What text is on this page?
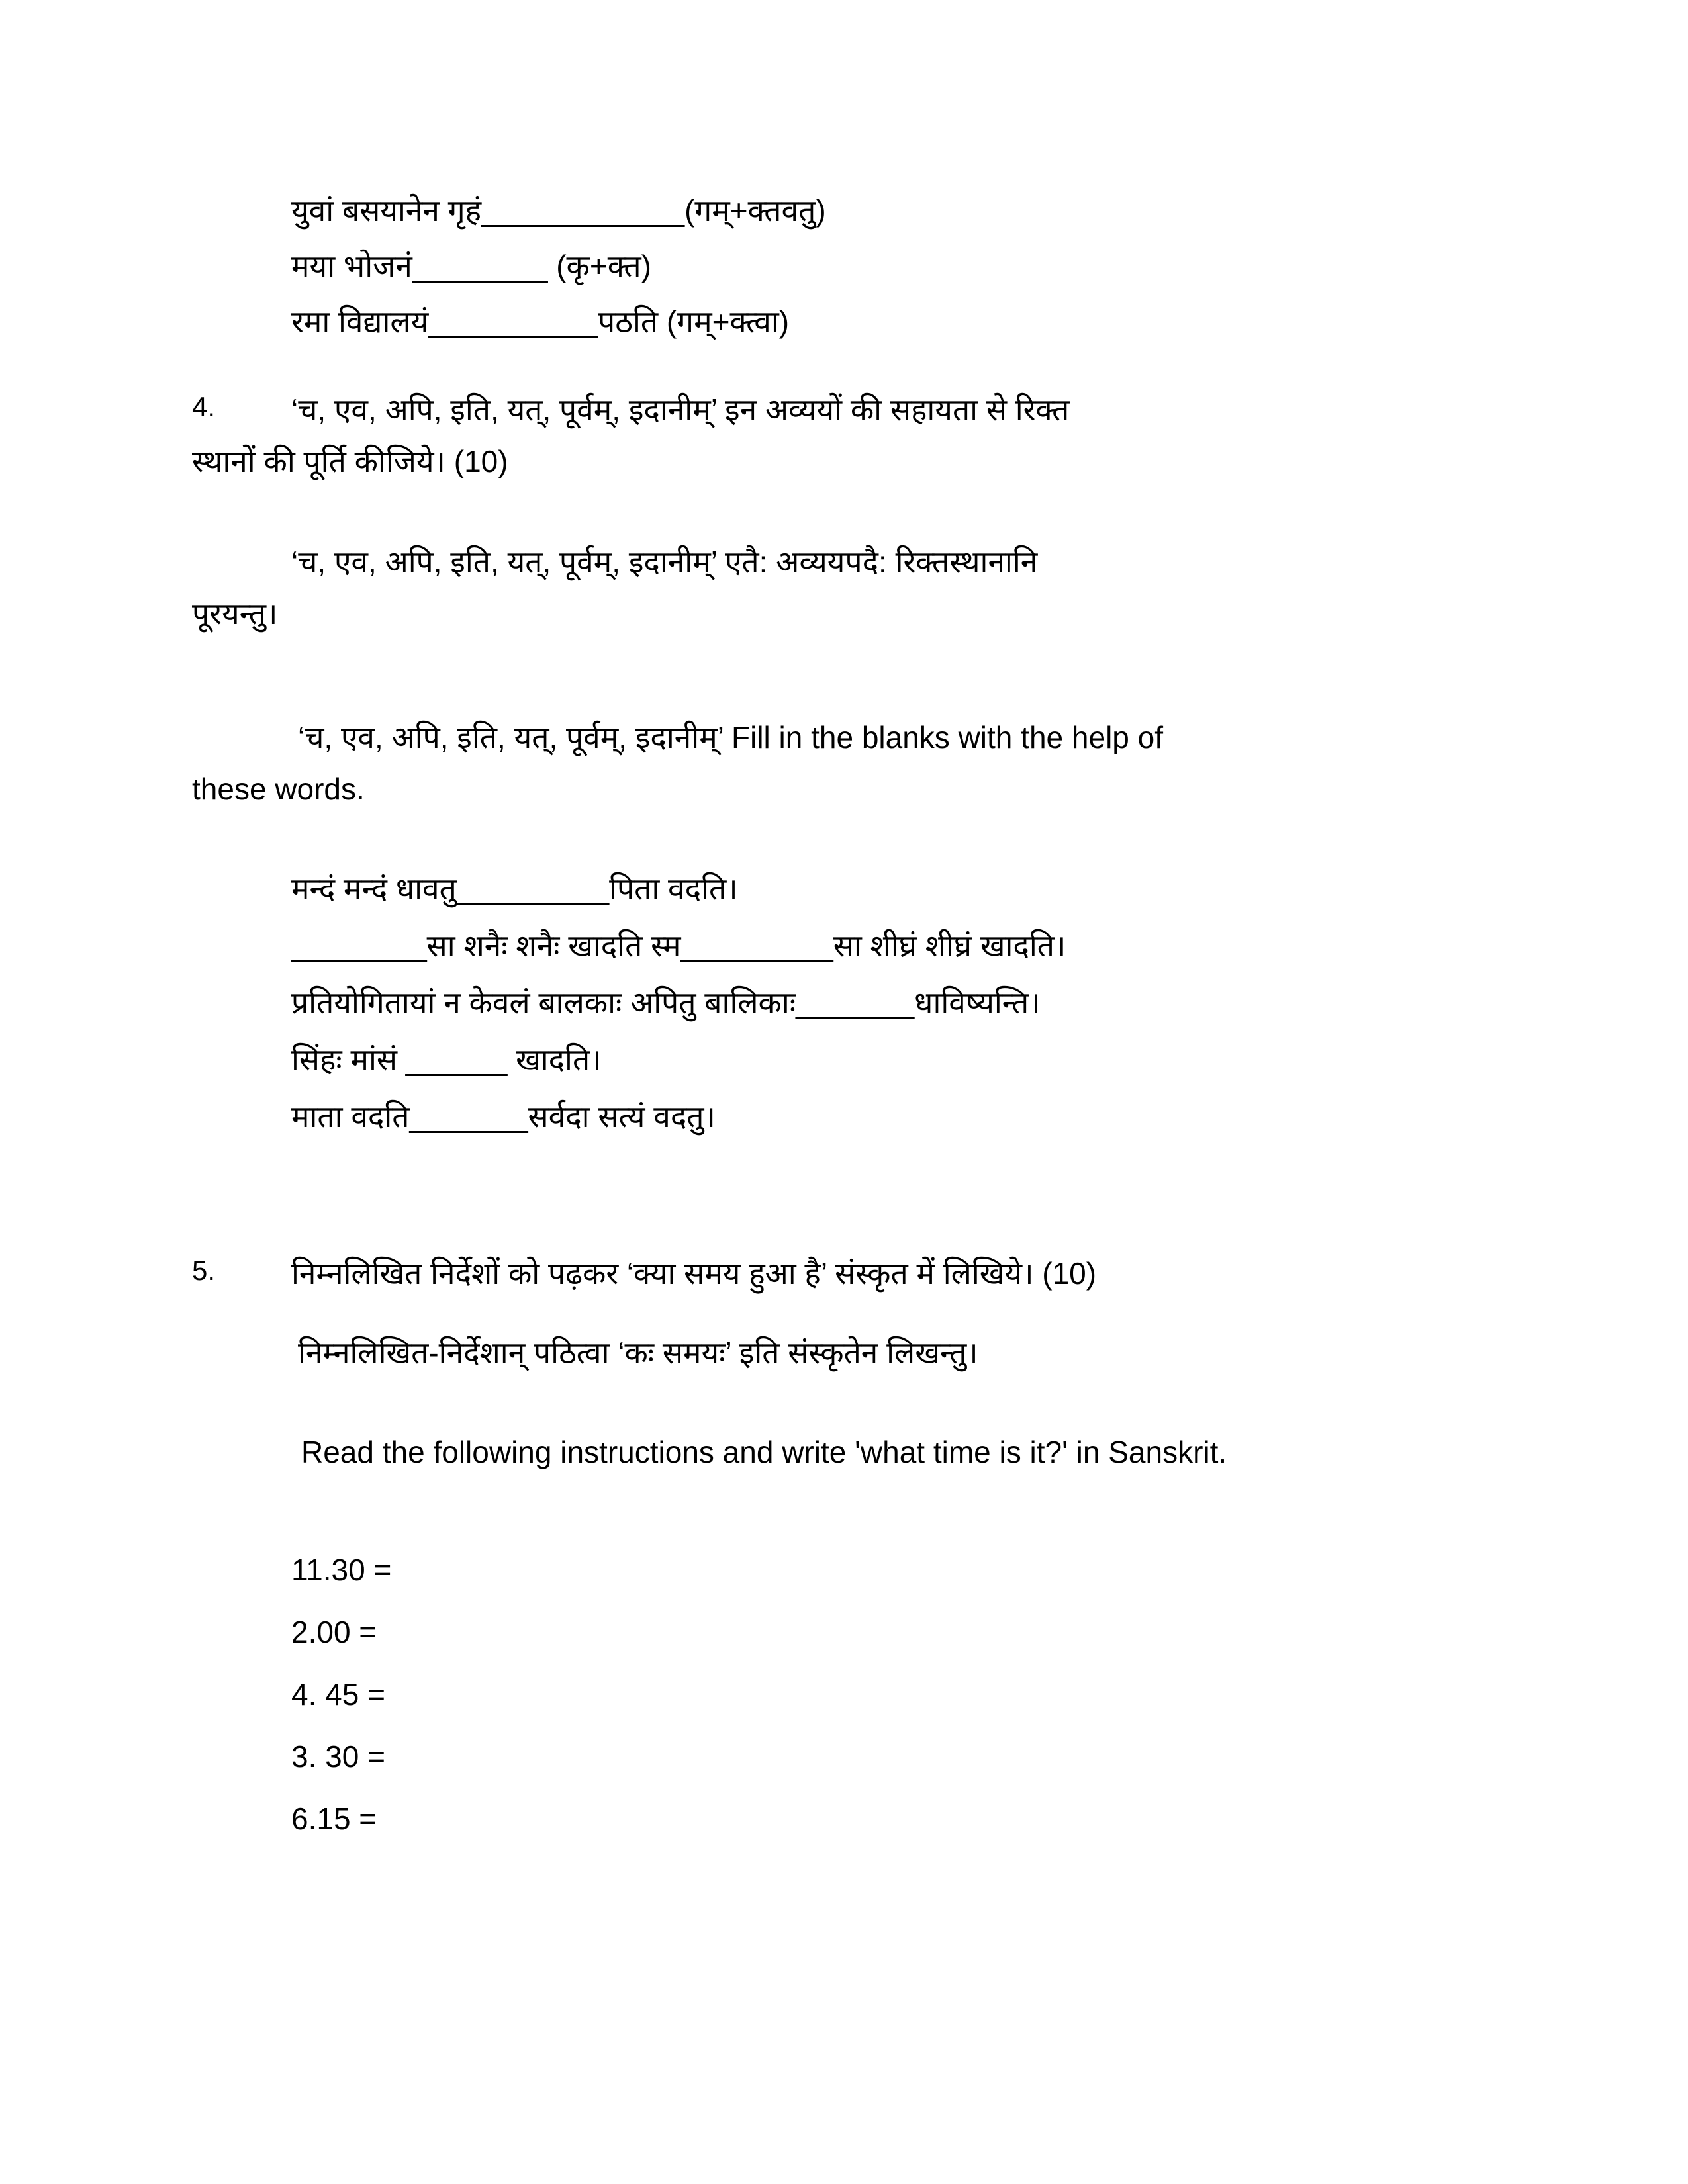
युवां बसयानेन गृहं____________(गम्+क्तवतु)
मया भोजनं________ (कृ+क्त)
रमा विद्यालयं__________पठति (गम्+क्त्वा)
4.	‘च, एव, अपि, इति, यत्, पूर्वम्, इदानीम्’ इन अव्ययों की सहायता से रिक्त
स्थानों की पूर्ति कीजिये। (10)
‘च, एव, अपि, इति, यत्, पूर्वम्, इदानीम्’ एतै: अव्ययपदै: रिक्तस्थानानि
पूरयन्तु।
‘च, एव, अपि, इति, यत्, पूर्वम्, इदानीम्’ Fill in the blanks with the help of
these words.
मन्दं मन्दं धावतु_________पिता वदति।
________सा शनैः शनैः खादति स्म_________सा शीघ्रं शीघ्रं खादति।
प्रतियोगितायां न केवलं बालकाः अपितु बालिकाः_______धाविष्यन्ति।
सिंहः मांसं ______ खादति।
माता वदति_______सर्वदा सत्यं वदतु।
5.	निम्नलिखित निर्देशों को पढ़कर ‘क्या समय हुआ है’ संस्कृत में लिखिये। (10)
निम्नलिखित-निर्देशान् पठित्वा ‘कः समयः’ इति संस्कृतेन लिखन्तु।
Read the following instructions and write 'what time is it?' in Sanskrit.
11.30 =
2.00 =
4. 45 =
3. 30 =
6.15 =
